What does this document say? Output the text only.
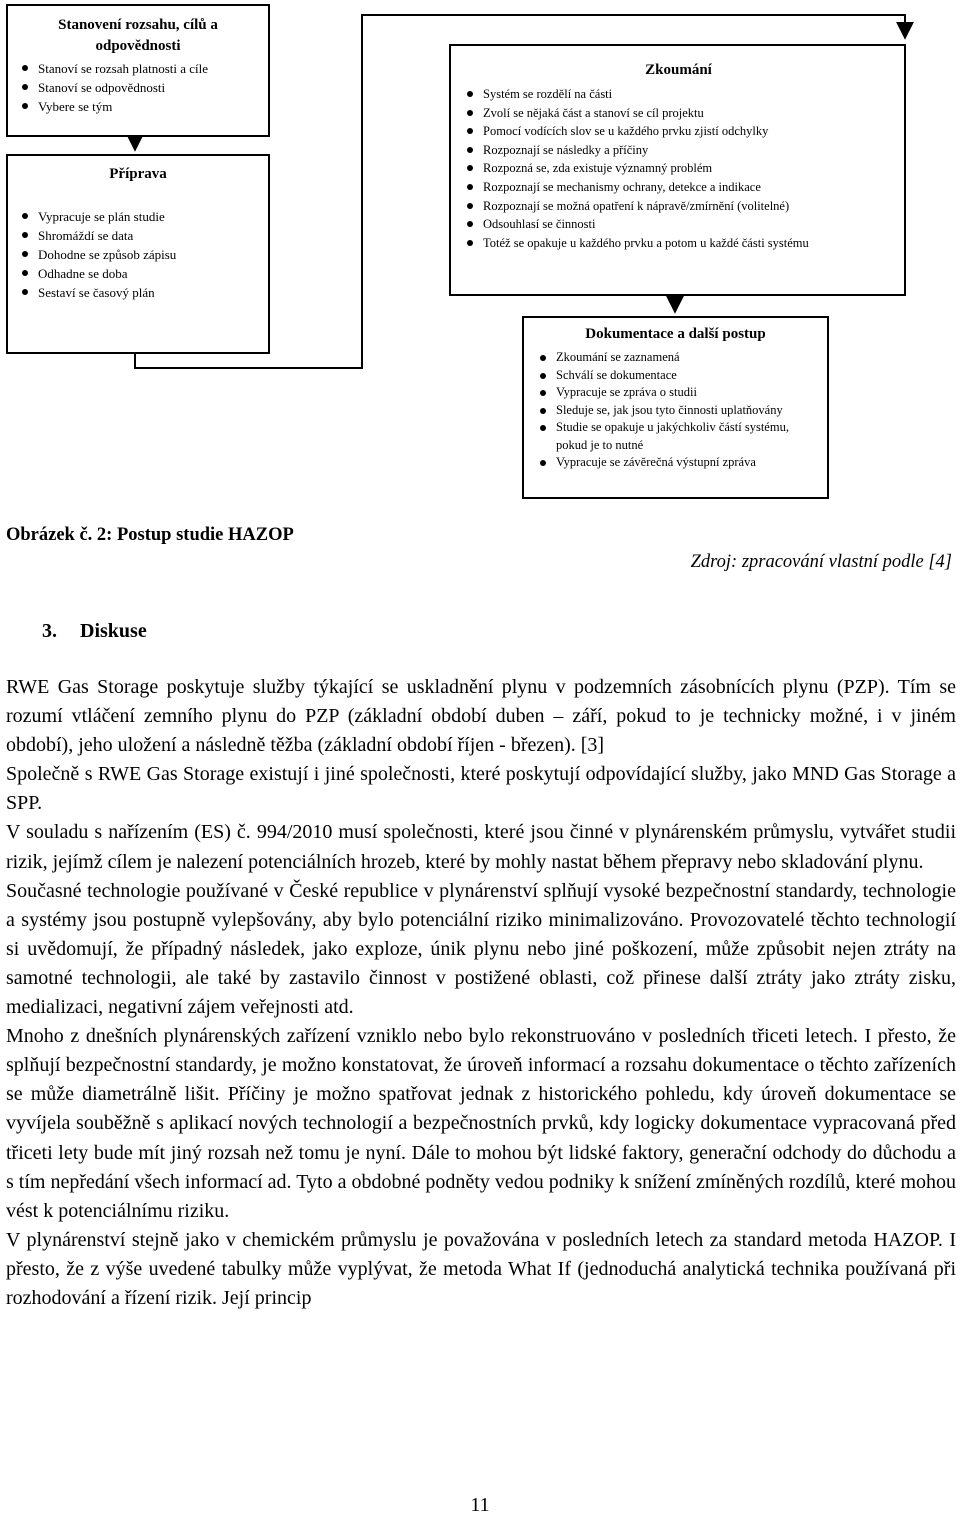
Stanovení rozsahu, cílů a odpovědnosti
Stanoví se rozsah platnosti a cíle
Stanoví se odpovědnosti
Vybere se tým
Příprava
Vypracuje se plán studie
Shromáždí se data
Dohodne se způsob zápisu
Odhadne se doba
Sestaví se časový plán
Zkoumání
Systém se rozdělí na části
Zvolí se nějaká část a stanoví se cíl projektu
Pomocí vodících slov se u každého prvku zjistí odchylky
Rozpoznají se následky a příčiny
Rozpozná se, zda existuje významný problém
Rozpoznají se mechanismy ochrany, detekce a indikace
Rozpoznají se možná opatření k nápravě/zmírnění (volitelné)
Odsouhlasí se činnosti
Totéž se opakuje u každého prvku a potom u každé části systému
Dokumentace a další postup
Zkoumání se zaznamená
Schválí se dokumentace
Vypracuje se zpráva o studii
Sleduje se, jak jsou tyto činnosti uplatňovány
Studie se opakuje u jakýchkoliv částí systému, pokud je to nutné
Vypracuje se závěrečná výstupní zpráva
Obrázek č. 2: Postup studie HAZOP
Zdroj: zpracování vlastní podle [4]
3. Diskuse

RWE Gas Storage poskytuje služby týkající se uskladnění plynu v podzemních zásobnících plynu (PZP). Tím se rozumí vtláčení zemního plynu do PZP (základní období duben – září, pokud to je technicky možné, i v jiném období), jeho uložení a následně těžba (základní období říjen - březen). [3]

Společně s RWE Gas Storage existují i jiné společnosti, které poskytují odpovídající služby, jako MND Gas Storage a SPP.

V souladu s nařízením (ES) č. 994/2010 musí společnosti, které jsou činné v plynárenském průmyslu, vytvářet studii rizik, jejímž cílem je nalezení potenciálních hrozeb, které by mohly nastat během přepravy nebo skladování plynu.

Současné technologie používané v České republice v plynárenství splňují vysoké bezpečnostní standardy, technologie a systémy jsou postupně vylepšovány, aby bylo potenciální riziko minimalizováno. Provozovatelé těchto technologií si uvědomují, že případný následek, jako exploze, únik plynu nebo jiné poškození, může způsobit nejen ztráty na samotné technologii, ale také by zastavilo činnost v postižené oblasti, což přinese další ztráty jako ztráty zisku, medializaci, negativní zájem veřejnosti atd.

Mnoho z dnešních plynárenských zařízení vzniklo nebo bylo rekonstruováno v posledních třiceti letech. I přesto, že splňují bezpečnostní standardy, je možno konstatovat, že úroveň informací a rozsahu dokumentace o těchto zařízeních se může diametrálně lišit. Příčiny je možno spatřovat jednak z historického pohledu, kdy úroveň dokumentace se vyvíjela souběžně s aplikací nových technologií a bezpečnostních prvků, kdy logicky dokumentace vypracovaná před třiceti lety bude mít jiný rozsah než tomu je nyní. Dále to mohou být lidské faktory, generační odchody do důchodu a s tím nepředání všech informací ad. Tyto a obdobné podněty vedou podniky k snížení zmíněných rozdílů, které mohou vést k potenciálnímu riziku.

V plynárenství stejně jako v chemickém průmyslu je považována v posledních letech za standard metoda HAZOP. I přesto, že z výše uvedené tabulky může vyplývat, že metoda What If (jednoduchá analytická technika používaná při rozhodování a řízení rizik. Její princip

11
